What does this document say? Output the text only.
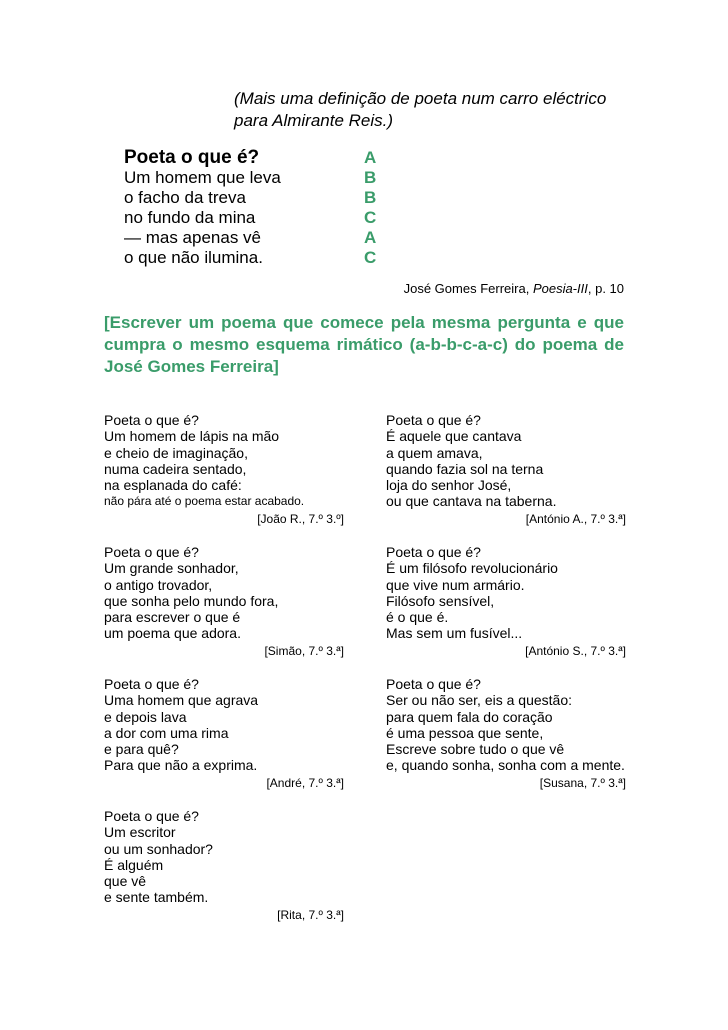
(Mais uma definição de poeta num carro eléctrico
para Almirante Reis.)
Poeta o que é?	A
Um homem que leva	B
o facho da treva	B
no fundo da mina	C
— mas apenas vê	A
o que não ilumina.	C
José Gomes Ferreira, Poesia-III, p. 10
[Escrever um poema que comece pela mesma pergunta e que cumpra o mesmo esquema rimático (a-b-b-c-a-c) do poema de José Gomes Ferreira]
Poeta o que é?
Um homem de lápis na mão
e cheio de imaginação,
numa cadeira sentado,
na esplanada do café:
não pára até o poema estar acabado.
[João R., 7.º 3.º]
Poeta o que é?
É aquele que cantava
a quem amava,
quando fazia sol na terna
loja do senhor José,
ou que cantava na taberna.
[António A., 7.º 3.ª]
Poeta o que é?
Um grande sonhador,
o antigo trovador,
que sonha pelo mundo fora,
para escrever o que é
um poema que adora.
[Simão, 7.º 3.ª]
Poeta o que é?
É um filósofo revolucionário
que vive num armário.
Filósofo sensível,
é o que é.
Mas sem um fusível...
[António S., 7.º 3.ª]
Poeta o que é?
Uma homem que agrava
e depois lava
a dor com uma rima
e para quê?
Para que não a exprima.
[André, 7.º 3.ª]
Poeta o que é?
Ser ou não ser, eis a questão:
para quem fala do coração
é uma pessoa que sente,
Escreve sobre tudo o que vê
e, quando sonha, sonha com a mente.
[Susana, 7.º 3.ª]
Poeta o que é?
Um escritor
ou um sonhador?
É alguém
que vê
e sente também.
[Rita, 7.º 3.ª]
